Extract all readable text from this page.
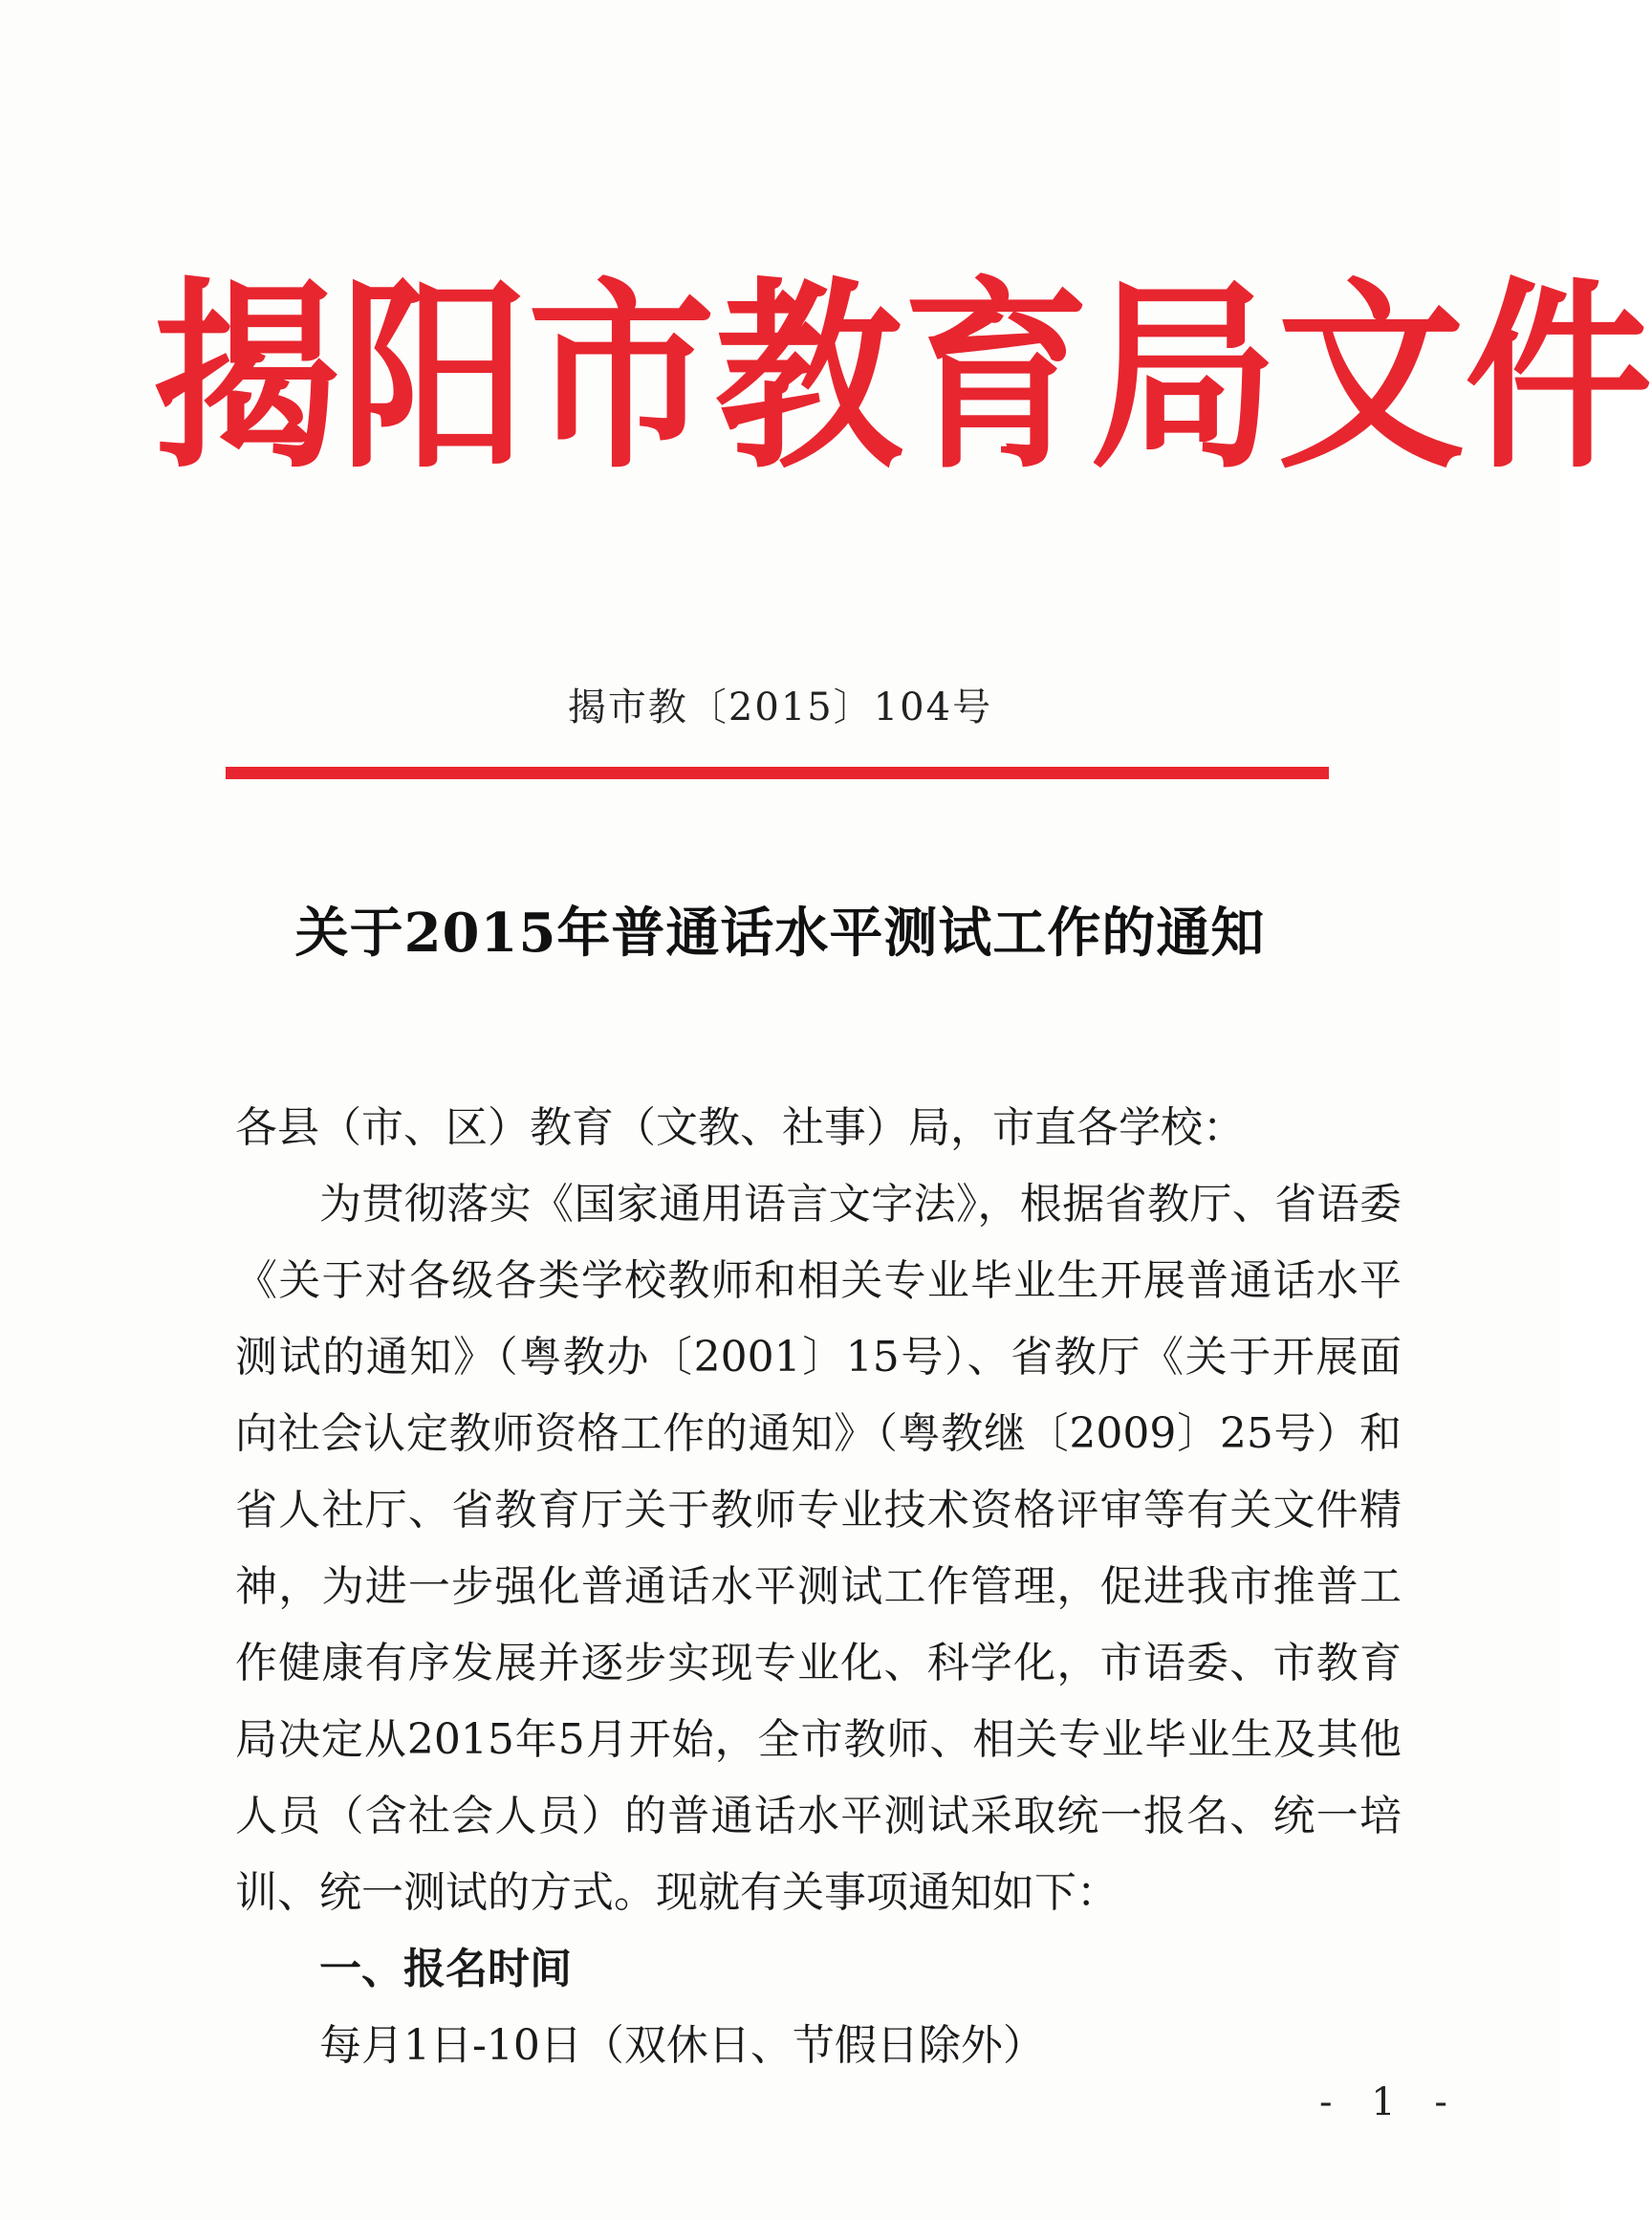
揭 阳 市 教 育 局 文 件
揭市教〔2015〕104号
关于2015年普通话水平测试工作的通知

各县（市、区）教育（文教、社事）局，市直各学校：

为贯彻落实《国家通用语言文字法》，根据省教厅、省语委《关于对各级各类学校教师和相关专业毕业生开展普通话水平测试的通知》（粤教办〔2001〕15号）、省教厅《关于开展面向社会认定教师资格工作的通知》（粤教继〔2009〕25号）和省人社厅、省教育厅关于教师专业技术资格评审等有关文件精神，为进一步强化普通话水平测试工作管理，促进我市推普工作健康有序发展并逐步实现专业化、科学化，市语委、市教育局决定从2015年5月开始，全市教师、相关专业毕业生及其他人员（含社会人员）的普通话水平测试采取统一报名、统一培训、统一测试的方式。现就有关事项通知如下：

一、报名时间

每月1日-10日（双休日、节假日除外）

- 1 -
